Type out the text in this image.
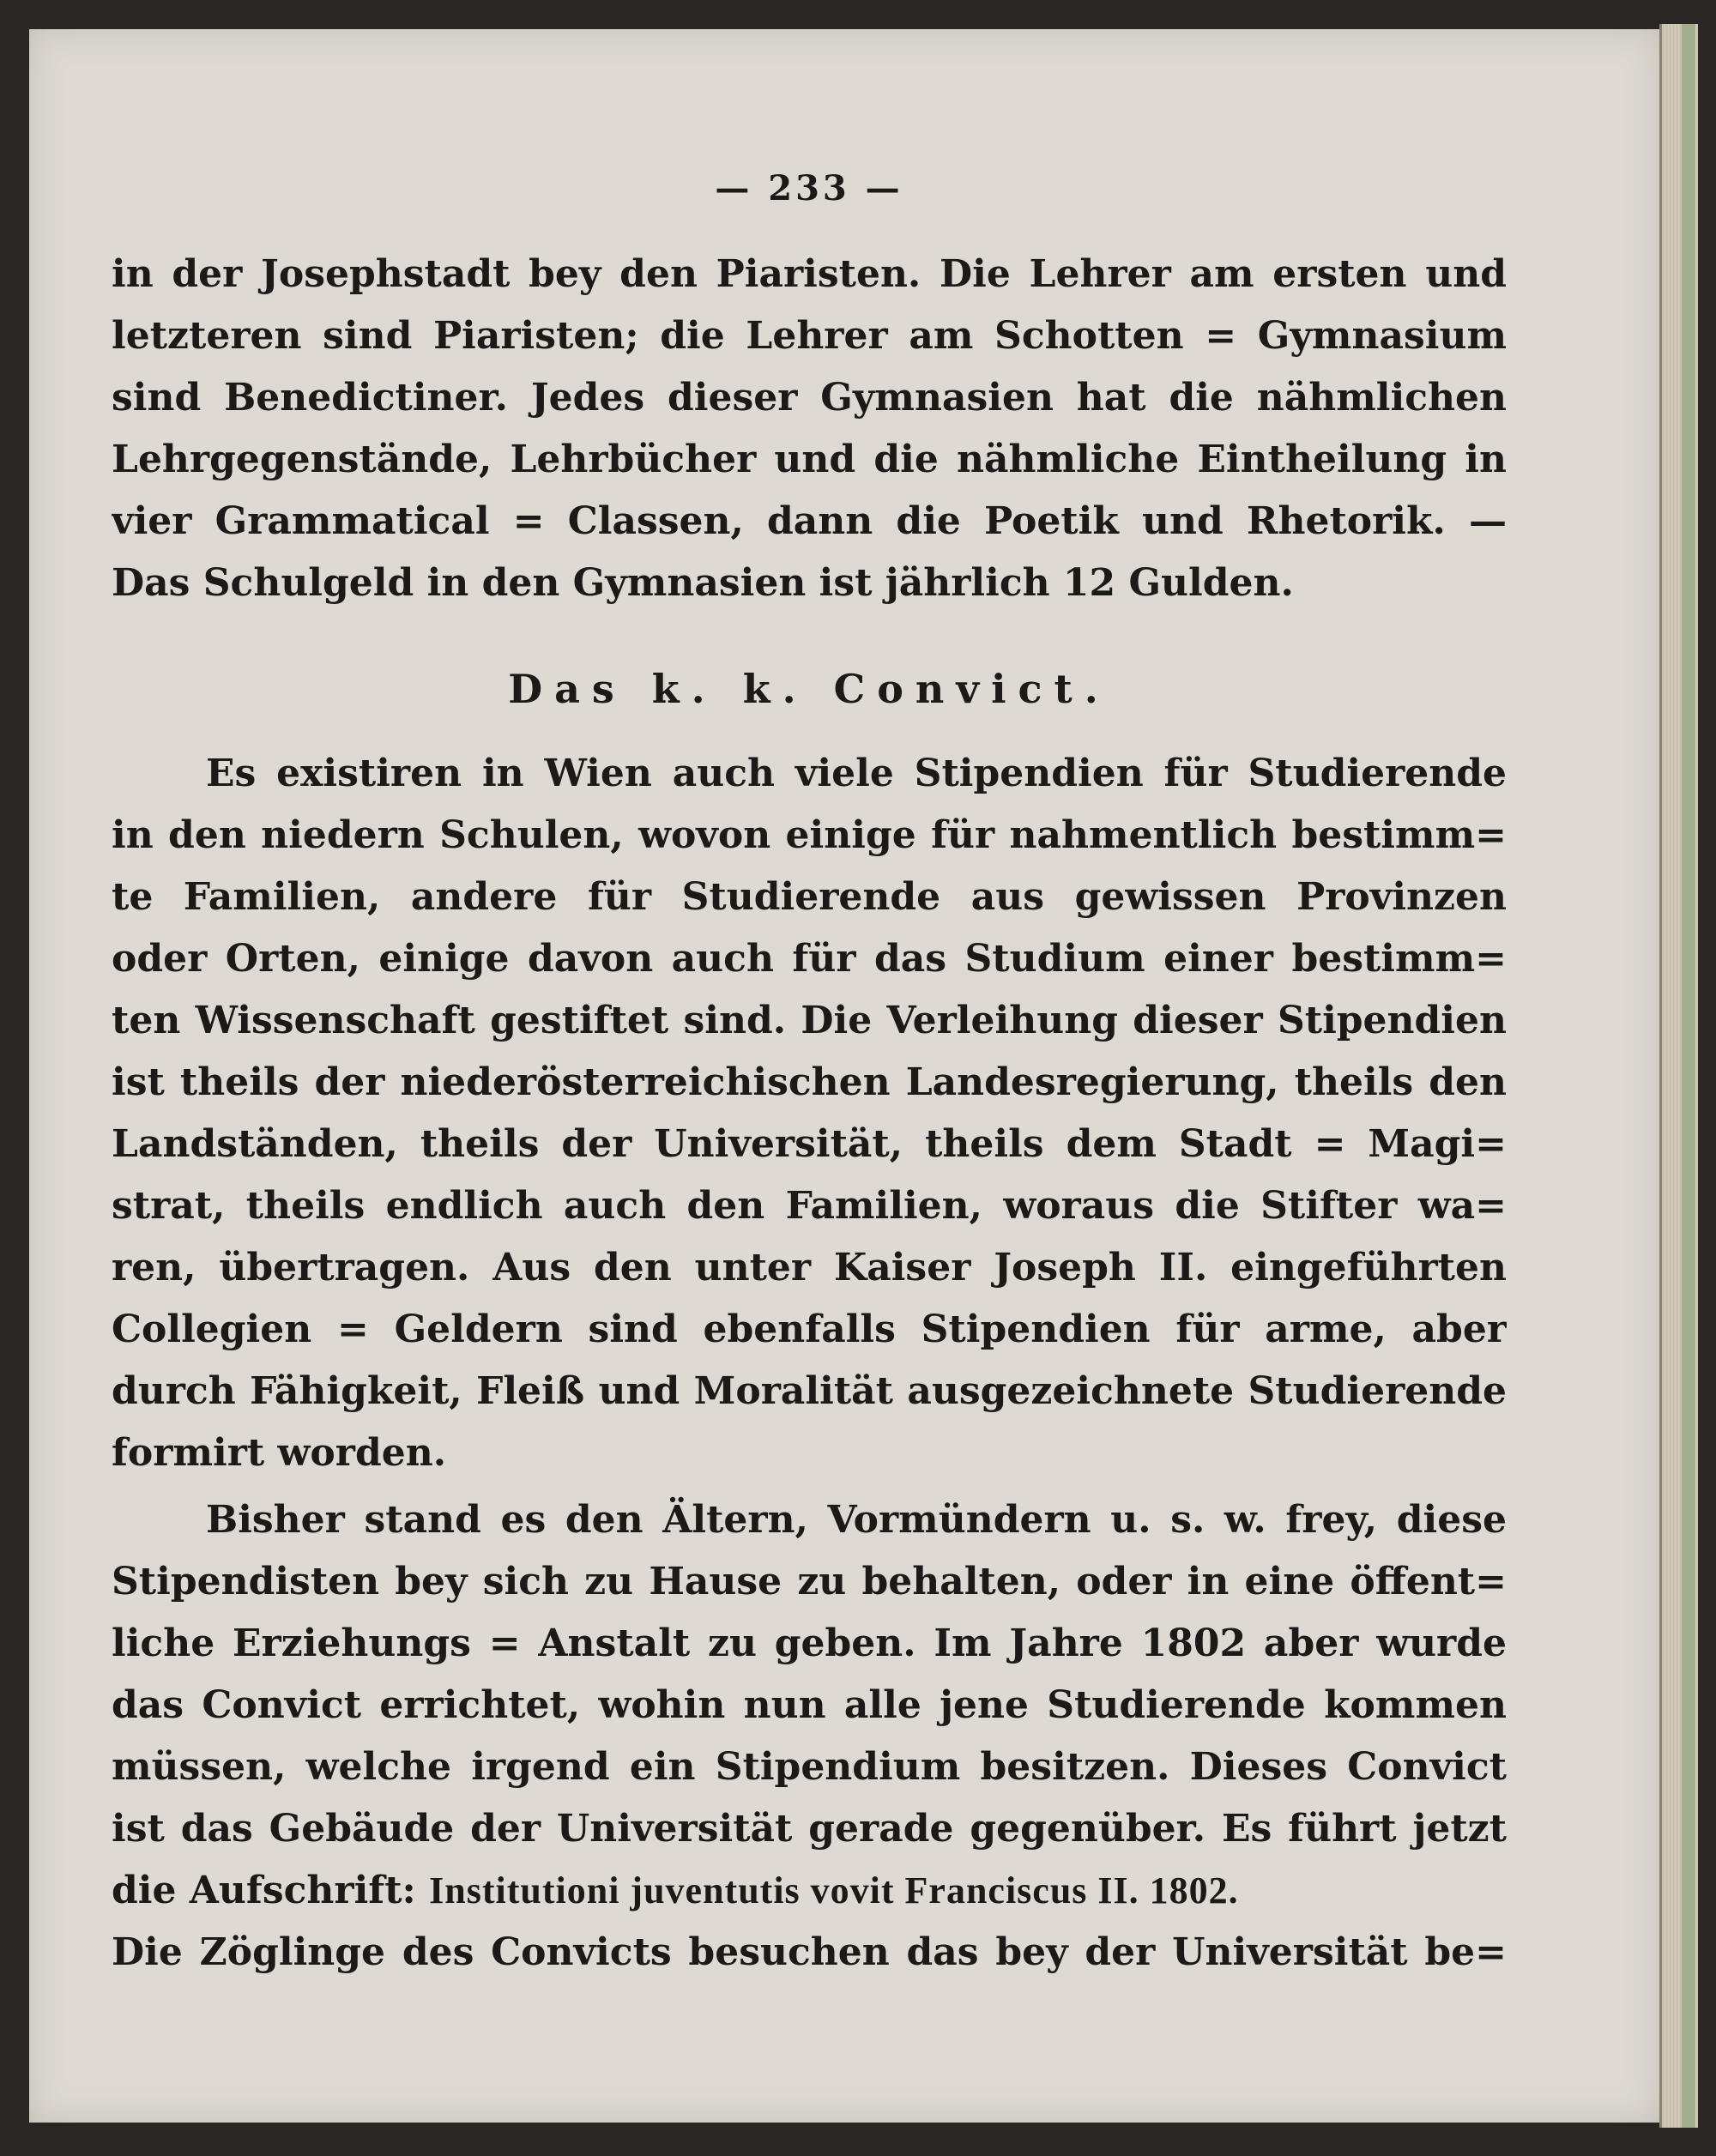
— 233 —
in der Josephstadt bey den Piaristen. Die Lehrer am ersten und
letzteren sind Piaristen; die Lehrer am Schotten = Gymnasium
sind Benedictiner. Jedes dieser Gymnasien hat die nähmlichen
Lehrgegenstände, Lehrbücher und die nähmliche Eintheilung in
vier Grammatical = Classen, dann die Poetik und Rhetorik. —
Das Schulgeld in den Gymnasien ist jährlich 12 Gulden.
Das k. k. Convict.
Es existiren in Wien auch viele Stipendien für Studierende
in den niedern Schulen, wovon einige für nahmentlich bestimm=
te Familien, andere für Studierende aus gewissen Provinzen
oder Orten, einige davon auch für das Studium einer bestimm=
ten Wissenschaft gestiftet sind. Die Verleihung dieser Stipendien
ist theils der niederösterreichischen Landesregierung, theils den
Landständen, theils der Universität, theils dem Stadt = Magi=
strat, theils endlich auch den Familien, woraus die Stifter wa=
ren, übertragen. Aus den unter Kaiser Joseph II. eingeführten
Collegien = Geldern sind ebenfalls Stipendien für arme, aber
durch Fähigkeit, Fleiß und Moralität ausgezeichnete Studierende
formirt worden.
Bisher stand es den Ältern, Vormündern u. s. w. frey, diese
Stipendisten bey sich zu Hause zu behalten, oder in eine öffent=
liche Erziehungs = Anstalt zu geben. Im Jahre 1802 aber wurde
das Convict errichtet, wohin nun alle jene Studierende kommen
müssen, welche irgend ein Stipendium besitzen. Dieses Convict
ist das Gebäude der Universität gerade gegenüber. Es führt jetzt
die Aufschrift: Institutioni juventutis vovit Franciscus II. 1802.
Die Zöglinge des Convicts besuchen das bey der Universität be=
